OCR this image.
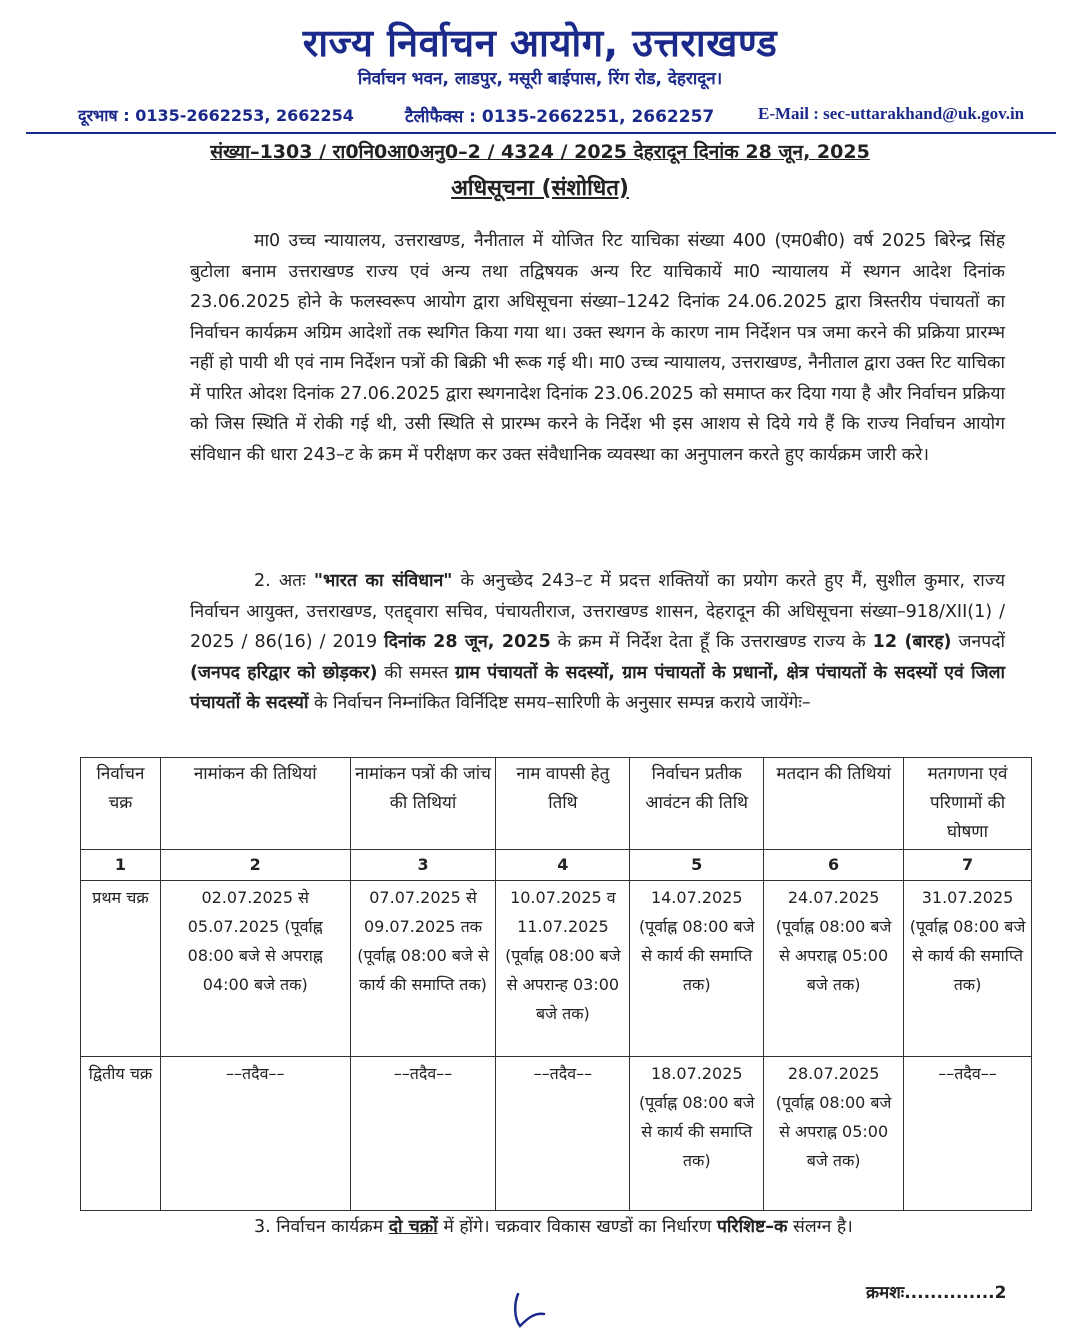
राज्य निर्वाचन आयोग, उत्तराखण्ड
निर्वाचन भवन, लाडपुर, मसूरी बाईपास, रिंग रोड, देहरादून।
दूरभाष : 0135-2662253, 2662254	टैलीफैक्स : 0135-2662251, 2662257	E-Mail : sec-uttarakhand@uk.gov.in
संख्या–1303 / रा0नि0आ0अनु0–2 / 4324 / 2025 देहरादून दिनांक 28 जून, 2025
अधिसूचना (संशोधित)
मा0 उच्च न्यायालय, उत्तराखण्ड, नैनीताल में योजित रिट याचिका संख्या 400 (एम0बी0) वर्ष 2025 बिरेन्द्र सिंह बुटोला बनाम उत्तराखण्ड राज्य एवं अन्य तथा तद्विषयक अन्य रिट याचिकायें मा0 न्यायालय में स्थगन आदेश दिनांक 23.06.2025 होने के फलस्वरूप आयोग द्वारा अधिसूचना संख्या–1242 दिनांक 24.06.2025 द्वारा त्रिस्तरीय पंचायतों का निर्वाचन कार्यक्रम अग्रिम आदेशों तक स्थगित किया गया था। उक्त स्थगन के कारण नाम निर्देशन पत्र जमा करने की प्रक्रिया प्रारम्भ नहीं हो पायी थी एवं नाम निर्देशन पत्रों की बिक्री भी रूक गई थी। मा0 उच्च न्यायालय, उत्तराखण्ड, नैनीताल द्वारा उक्त रिट याचिका में पारित ओदश दिनांक 27.06.2025 द्वारा स्थगनादेश दिनांक 23.06.2025 को समाप्त कर दिया गया है और निर्वाचन प्रक्रिया को जिस स्थिति में रोकी गई थी, उसी स्थिति से प्रारम्भ करने के निर्देश भी इस आशय से दिये गये हैं कि राज्य निर्वाचन आयोग संविधान की धारा 243–ट के क्रम में परीक्षण कर उक्त संवैधानिक व्यवस्था का अनुपालन करते हुए कार्यक्रम जारी करे।
2. अतः "भारत का संविधान" के अनुच्छेद 243–ट में प्रदत्त शक्तियों का प्रयोग करते हुए मैं, सुशील कुमार, राज्य निर्वाचन आयुक्त, उत्तराखण्ड, एतद्द्वारा सचिव, पंचायतीराज, उत्तराखण्ड शासन, देहरादून की अधिसूचना संख्या–918/XII(1) / 2025 / 86(16) / 2019 दिनांक 28 जून, 2025 के क्रम में निर्देश देता हूँ कि उत्तराखण्ड राज्य के 12 (बारह) जनपदों (जनपद हरिद्वार को छोड़कर) की समस्त ग्राम पंचायतों के सदस्यों, ग्राम पंचायतों के प्रधानों, क्षेत्र पंचायतों के सदस्यों एवं जिला पंचायतों के सदस्यों के निर्वाचन निम्नांकित विर्निदिष्ट समय–सारिणी के अनुसार सम्पन्न कराये जायेंगेः–
निर्वाचन चक्र	नामांकन की तिथियां	नामांकन पत्रों की जांच की तिथियां	नाम वापसी हेतु तिथि	निर्वाचन प्रतीक आवंटन की तिथि	मतदान की तिथियां	मतगणना एवं परिणामों की घोषणा
1	2	3	4	5	6	7
प्रथम चक्र	02.07.2025 से 05.07.2025 (पूर्वाह्न 08:00 बजे से अपराह्न 04:00 बजे तक)	07.07.2025 से 09.07.2025 तक (पूर्वाह्न 08:00 बजे से कार्य की समाप्ति तक)	10.07.2025 व 11.07.2025 (पूर्वाह्न 08:00 बजे से अपरान्ह 03:00 बजे तक)	14.07.2025 (पूर्वाह्न 08:00 बजे से कार्य की समाप्ति तक)	24.07.2025 (पूर्वाह्न 08:00 बजे से अपराह्न 05:00 बजे तक)	31.07.2025 (पूर्वाह्न 08:00 बजे से कार्य की समाप्ति तक)
द्वितीय चक्र	––तदैव––	––तदैव––	––तदैव––	18.07.2025 (पूर्वाह्न 08:00 बजे से कार्य की समाप्ति तक)	28.07.2025 (पूर्वाह्न 08:00 बजे से अपराह्न 05:00 बजे तक)	––तदैव––
3. निर्वाचन कार्यक्रम दो चक्रों में होंगे। चक्रवार विकास खण्डों का निर्धारण परिशिष्ट–क संलग्न है।
क्रमशः..............2
